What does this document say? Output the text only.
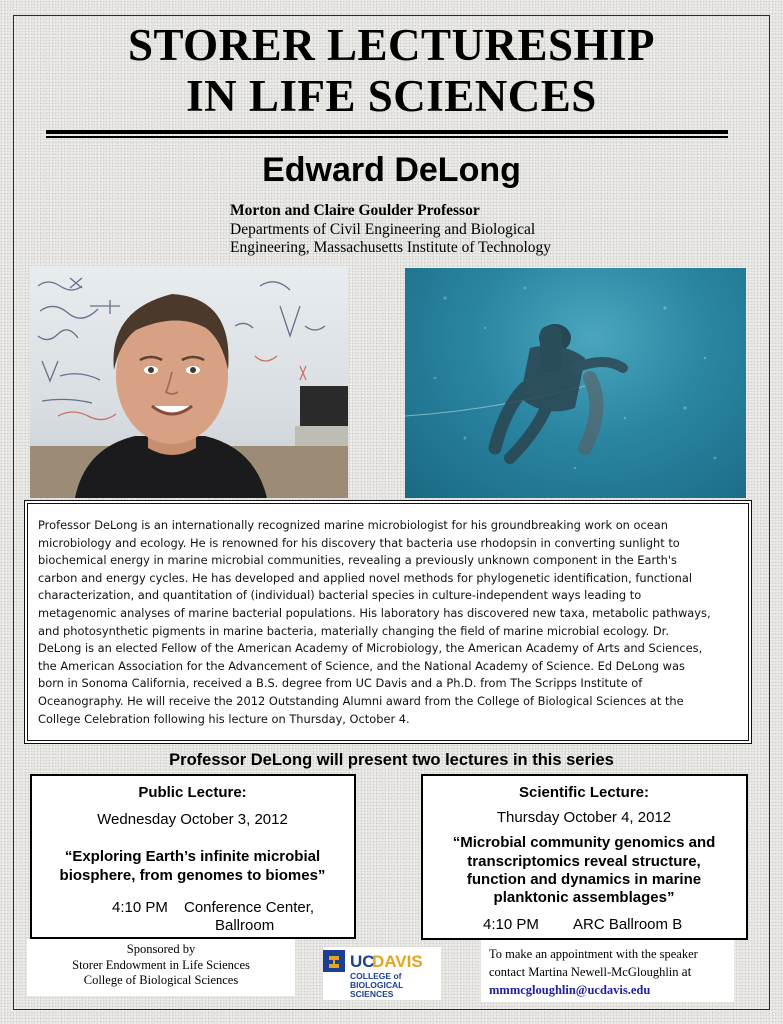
STORER LECTURESHIP
IN LIFE SCIENCES
Edward DeLong
Morton and Claire Goulder Professor
Departments of Civil Engineering and Biological
Engineering, Massachusetts Institute of Technology
Professor DeLong is an internationally recognized marine microbiologist for his groundbreaking work on ocean
microbiology and ecology. He is renowned for his discovery that bacteria use rhodopsin in converting sunlight to
biochemical energy in marine microbial communities, revealing a previously unknown component in the Earth's
carbon and energy cycles. He has developed and applied novel methods for phylogenetic identification, functional
characterization, and quantitation of (individual) bacterial species in culture-independent ways leading to
metagenomic analyses of marine bacterial populations. His laboratory has discovered new taxa, metabolic pathways,
and photosynthetic pigments in marine bacteria, materially changing the field of marine microbial ecology. Dr.
DeLong is an elected Fellow of the American Academy of Microbiology, the American Academy of Arts and Sciences,
the American Association for the Advancement of Science, and the National Academy of Science. Ed DeLong was
born in Sonoma California, received a B.S. degree from UC Davis and a Ph.D. from The Scripps Institute of
Oceanography. He will receive the 2012 Outstanding Alumni award from the College of Biological Sciences at the
College Celebration following his lecture on Thursday, October 4.
Professor DeLong will present two lectures in this series
Public Lecture:
Wednesday October 3, 2012
“Exploring Earth’s infinite microbial
biosphere, from genomes to biomes”
4:10 PM Conference Center,
Ballroom
Scientific Lecture:
Thursday October 4, 2012
“Microbial community genomics and
transcriptomics reveal structure,
function and dynamics in marine
planktonic assemblages”
4:10 PM ARC Ballroom B
Sponsored by
Storer Endowment in Life Sciences
College of Biological Sciences
UC
DAVIS
COLLEGE of
BIOLOGICAL
SCIENCES
To make an appointment with the speaker
contact Martina Newell-McGloughlin at
mmmcgloughlin@ucdavis.edu
